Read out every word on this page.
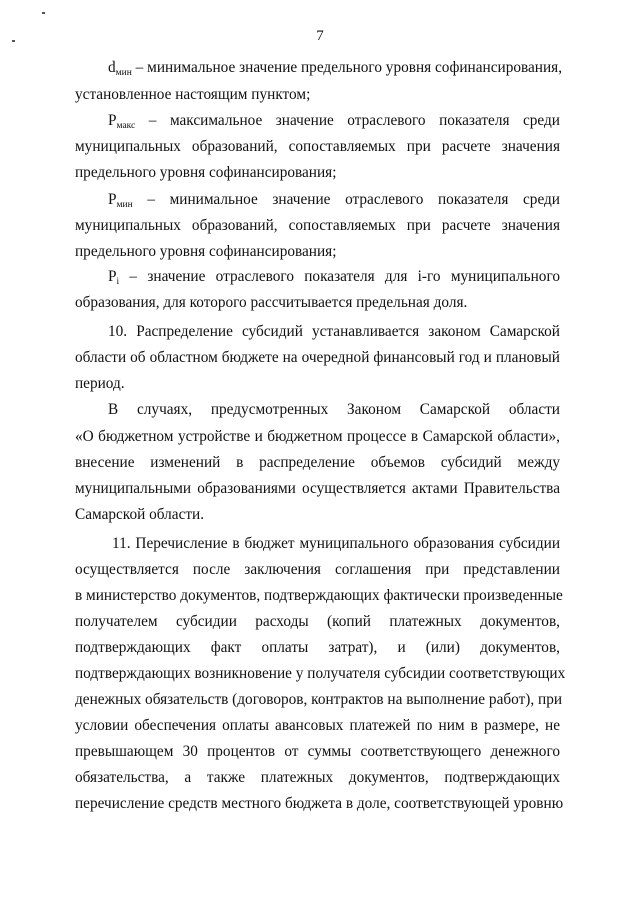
7
$d_{мин}$ – минимальное значение предельного уровня софинансирования,
установленное настоящим пунктом;
$P_{макс}$ – максимальное значение отраслевого показателя среди
муниципальных образований, сопоставляемых при расчете значения
предельного уровня софинансирования;
$P_{мин}$ – минимальное значение отраслевого показателя среди
муниципальных образований, сопоставляемых при расчете значения
предельного уровня софинансирования;
$P_i$ – значение отраслевого показателя для i-го муниципального
образования, для которого рассчитывается предельная доля.
10. Распределение субсидий устанавливается законом Самарской
области об областном бюджете на очередной финансовый год и плановый
период.
В случаях, предусмотренных Законом Самарской области
«О бюджетном устройстве и бюджетном процессе в Самарской области»,
внесение изменений в распределение объемов субсидий между
муниципальными образованиями осуществляется актами Правительства
Самарской области.
11. Перечисление в бюджет муниципального образования субсидии
осуществляется после заключения соглашения при представлении
в министерство документов, подтверждающих фактически произведенные
получателем субсидии расходы (копий платежных документов,
подтверждающих факт оплаты затрат), и (или) документов,
подтверждающих возникновение у получателя субсидии соответствующих
денежных обязательств (договоров, контрактов на выполнение работ), при
условии обеспечения оплаты авансовых платежей по ним в размере, не
превышающем 30 процентов от суммы соответствующего денежного
обязательства, а также платежных документов, подтверждающих
перечисление средств местного бюджета в доле, соответствующей уровню
